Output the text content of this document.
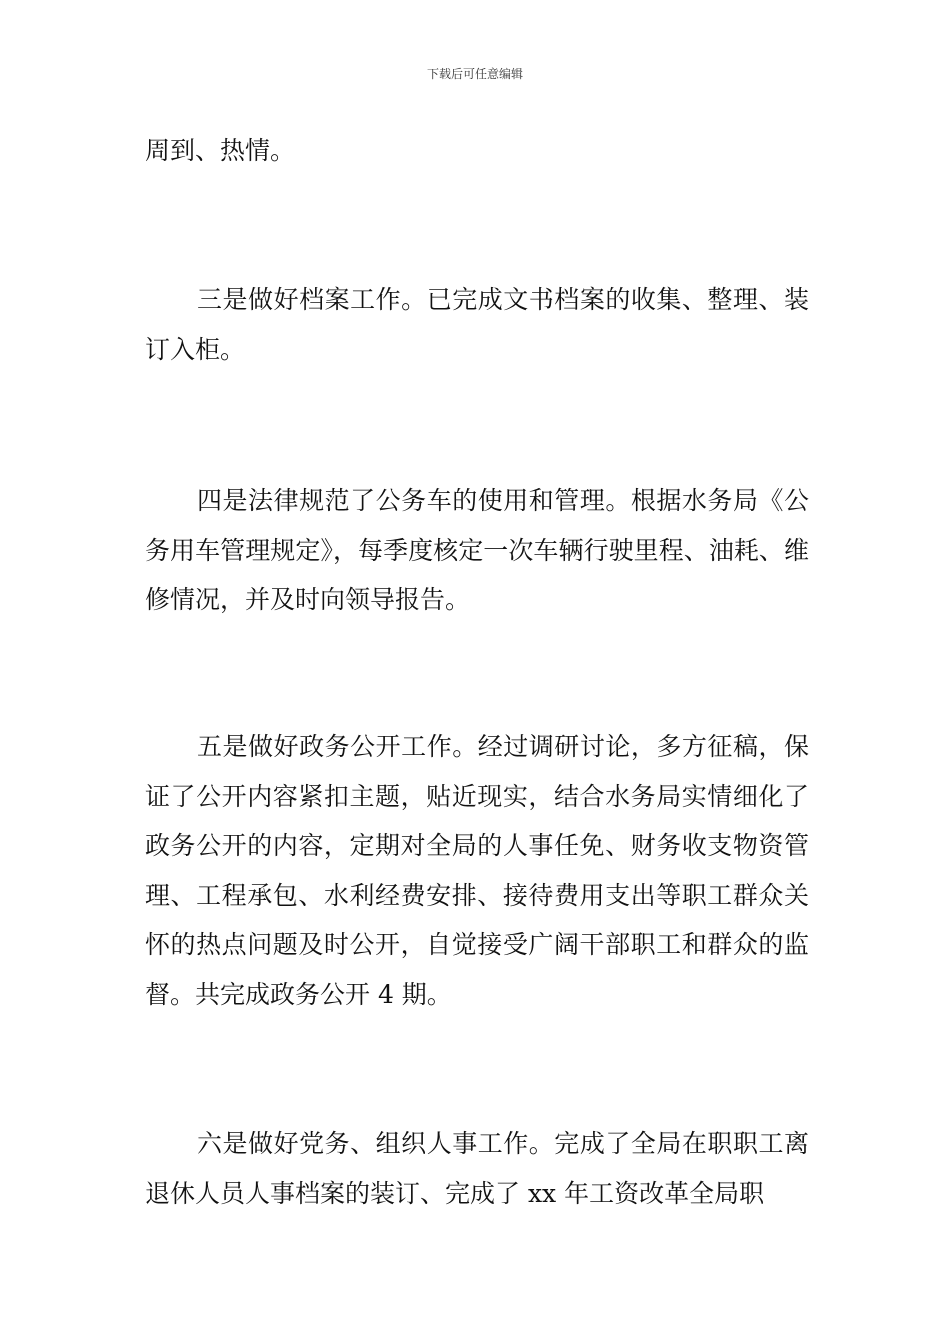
下载后可任意编辑

周到、热情。

三是做好档案工作。已完成文书档案的收集、整理、装订入柜。

四是法律规范了公务车的使用和管理。根据水务局《公务用车管理规定》，每季度核定一次车辆行驶里程、油耗、维修情况，并及时向领导报告。

五是做好政务公开工作。经过调研讨论，多方征稿，保证了公开内容紧扣主题，贴近现实，结合水务局实情细化了政务公开的内容，定期对全局的人事任免、财务收支物资管理、工程承包、水利经费安排、接待费用支出等职工群众关怀的热点问题及时公开，自觉接受广阔干部职工和群众的监督。共完成政务公开 4 期。

六是做好党务、组织人事工作。完成了全局在职职工离退休人员人事档案的装订、完成了 xx 年工资改革全局职
